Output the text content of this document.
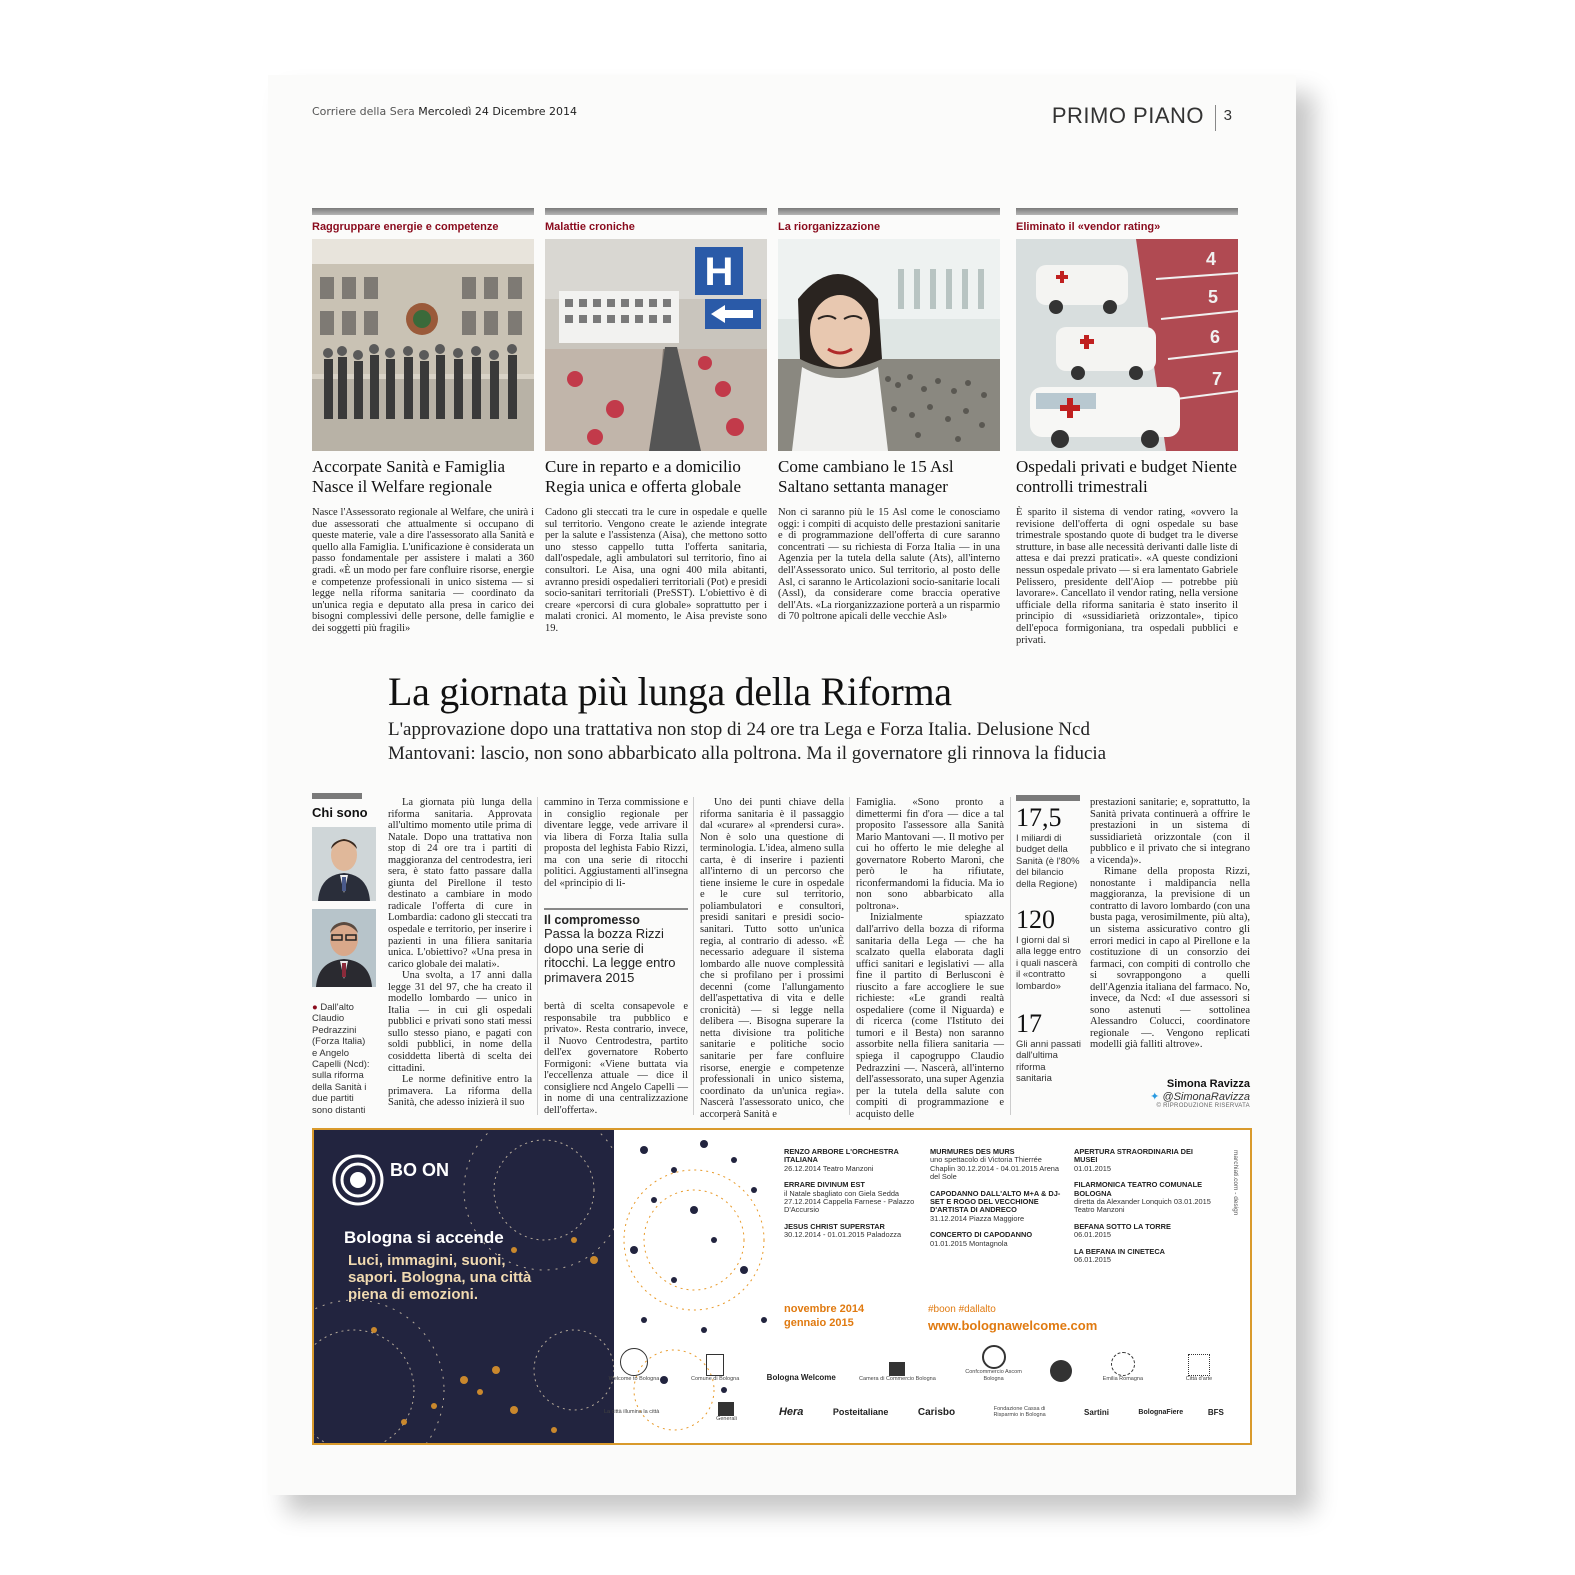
Corriere della Sera Mercoledì 24 Dicembre 2014	PRIMO PIANO 3
Raggruppare energie e competenze
Accorpate Sanità e Famiglia Nasce il Welfare regionale
Nasce l'Assessorato regionale al Welfare, che unirà i due assessorati che attualmente si occupano di queste materie, vale a dire l'assessorato alla Sanità e quello alla Famiglia. L'unificazione è considerata un passo fondamentale per assistere i malati a 360 gradi. «È un modo per fare confluire risorse, energie e competenze professionali in unico sistema — si legge nella riforma sanitaria — coordinato da un'unica regia e deputato alla presa in carico dei bisogni complessivi delle persone, delle famiglie e dei soggetti più fragili»
Malattie croniche
H
Cure in reparto e a domicilio Regia unica e offerta globale
Cadono gli steccati tra le cure in ospedale e quelle sul territorio. Vengono create le aziende integrate per la salute e l'assistenza (Aisa), che mettono sotto uno stesso cappello tutta l'offerta sanitaria, dall'ospedale, agli ambulatori sul territorio, fino ai consultori. Le Aisa, una ogni 400 mila abitanti, avranno presidi ospedalieri territoriali (Pot) e presidi socio-sanitari territoriali (PreSST). L'obiettivo è di creare «percorsi di cura globale» soprattutto per i malati cronici. Al momento, le Aisa previste sono 19.
La riorganizzazione
Come cambiano le 15 Asl Saltano settanta manager
Non ci saranno più le 15 Asl come le conosciamo oggi: i compiti di acquisto delle prestazioni sanitarie e di programmazione dell'offerta di cure saranno concentrati — su richiesta di Forza Italia — in una Agenzia per la tutela della salute (Ats), all'interno dell'Assessorato unico. Sul territorio, al posto delle Asl, ci saranno le Articolazioni socio-sanitarie locali (Assl), da considerare come braccia operative dell'Ats. «La riorganizzazione porterà a un risparmio di 70 poltrone apicali delle vecchie Asl»
Eliminato il «vendor rating»
4
5
6
7
Ospedali privati e budget Niente controlli trimestrali
È sparito il sistema di vendor rating, «ovvero la revisione dell'offerta di ogni ospedale su base trimestrale spostando quote di budget tra le diverse strutture, in base alle necessità derivanti dalle liste di attesa e dai prezzi praticati». «A queste condizioni nessun ospedale privato — si era lamentato Gabriele Pelissero, presidente dell'Aiop — potrebbe più lavorare». Cancellato il vendor rating, nella versione ufficiale della riforma sanitaria è stato inserito il principio di «sussidiarietà orizzontale», tipico dell'epoca formigoniana, tra ospedali pubblici e privati.
La giornata più lunga della Riforma
L'approvazione dopo una trattativa non stop di 24 ore tra Lega e Forza Italia. Delusione Ncd Mantovani: lascio, non sono abbarbicato alla poltrona. Ma il governatore gli rinnova la fiducia
Chi sono
● Dall'alto Claudio Pedrazzini (Forza Italia) e Angelo Capelli (Ncd): sulla riforma della Sanità i due partiti sono distanti
La giornata più lunga della riforma sanitaria. Approvata all'ultimo momento utile prima di Natale. Dopo una trattativa non stop di 24 ore tra i partiti di maggioranza del centrodestra, ieri sera, è stato fatto passare dalla giunta del Pirellone il testo destinato a cambiare in modo radicale l'offerta di cure in Lombardia: cadono gli steccati tra ospedale e territorio, per inserire i pazienti in una filiera sanitaria unica. L'obiettivo? «Una presa in carico globale dei malati».
Una svolta, a 17 anni dalla legge 31 del 97, che ha creato il modello lombardo — unico in Italia — in cui gli ospedali pubblici e privati sono stati messi sullo stesso piano, e pagati con soldi pubblici, in nome della cosiddetta libertà di scelta dei cittadini.
Le norme definitive entro la primavera. La riforma della Sanità, che adesso inizierà il suo
cammino in Terza commissione e in consiglio regionale per diventare legge, vede arrivare il via libera di Forza Italia sulla proposta del leghista Fabio Rizzi, ma con una serie di ritocchi politici. Aggiustamenti all'insegna del «principio di li-
Il compromesso
Passa la bozza Rizzi dopo una serie di ritocchi. La legge entro primavera 2015
bertà di scelta consapevole e responsabile tra pubblico e privato». Resta contrario, invece, il Nuovo Centrodestra, partito dell'ex governatore Roberto Formigoni: «Viene buttata via l'eccellenza attuale — dice il consigliere ncd Angelo Capelli — in nome di una centralizzazione dell'offerta».
Uno dei punti chiave della riforma sanitaria è il passaggio dal «curare» al «prendersi cura». Non è solo una questione di terminologia. L'idea, almeno sulla carta, è di inserire i pazienti all'interno di un percorso che tiene insieme le cure in ospedale e le cure sul territorio, poliambulatori e consultori, presidi sanitari e presidi socio-sanitari. Tutto sotto un'unica regia, al contrario di adesso. «È necessario adeguare il sistema lombardo alle nuove complessità che si profilano per i prossimi decenni (come l'allungamento dell'aspettativa di vita e delle cronicità) — si legge nella delibera —. Bisogna superare la netta divisione tra politiche sanitarie e politiche socio sanitarie per fare confluire risorse, energie e competenze professionali in unico sistema, coordinato da un'unica regia». Nascerà l'assessorato unico, che accorperà Sanità e
Famiglia. «Sono pronto a dimettermi fin d'ora — dice a tal proposito l'assessore alla Sanità Mario Mantovani —. Il motivo per cui ho offerto le mie deleghe al governatore Roberto Maroni, che però le ha rifiutate, riconfermandomi la fiducia. Ma io non sono abbarbicato alla poltrona».
Inizialmente spiazzato dall'arrivo della bozza di riforma sanitaria della Lega — che ha scalzato quella elaborata dagli uffici sanitari e legislativi — alla fine il partito di Berlusconi è riuscito a fare accogliere le sue richieste: «Le grandi realtà ospedaliere (come il Niguarda) e di ricerca (come l'Istituto dei tumori e il Besta) non saranno assorbite nella filiera sanitaria — spiega il capogruppo Claudio Pedrazzini —. Nascerà, all'interno dell'assessorato, una super Agenzia per la tutela della salute con compiti di programmazione e acquisto delle
17,5
I miliardi di budget della Sanità (è l'80% del bilancio della Regione)
120
I giorni dal sì alla legge entro i quali nascerà il «contratto lombardo»
17
Gli anni passati dall'ultima riforma sanitaria
prestazioni sanitarie; e, soprattutto, la Sanità privata continuerà a offrire le prestazioni in un sistema di sussidiarietà orizzontale (con il pubblico e il privato che si integrano a vicenda)».
Rimane della proposta Rizzi, nonostante i maldipancia nella maggioranza, la previsione di un contratto di lavoro lombardo (con una busta paga, verosimilmente, più alta), un sistema assicurativo contro gli errori medici in capo al Pirellone e la costituzione di un consorzio dei farmaci, con compiti di controllo che si sovrappongono a quelli dell'Agenzia italiana del farmaco. No, invece, da Ncd: «I due assessori si sono astenuti — sottolinea Alessandro Colucci, coordinatore regionale —. Vengono replicati modelli già falliti altrove».
Simona Ravizza
✦ @SimonaRavizza
© RIPRODUZIONE RISERVATA
BO ON
Bologna si accende
Luci, immagini, suoni, sapori. Bologna, una città piena di emozioni.
RENZO ARBORE L'ORCHESTRA ITALIANA
26.12.2014 Teatro Manzoni
ERRARE DIVINUM EST
il Natale sbagliato con Giela Sedda 27.12.2014 Cappella Farnese - Palazzo D'Accursio
JESUS CHRIST SUPERSTAR
30.12.2014 - 01.01.2015 Paladozza
MURMURES DES MURS
uno spettacolo di Victoria Thierrée Chaplin 30.12.2014 - 04.01.2015 Arena del Sole
CAPODANNO DALL'ALTO M+A & DJ-SET E ROGO DEL VECCHIONE D'ARTISTA DI ANDRECO
31.12.2014 Piazza Maggiore
CONCERTO DI CAPODANNO
01.01.2015 Montagnola
APERTURA STRAORDINARIA DEI MUSEI
01.01.2015
FILARMONICA TEATRO COMUNALE BOLOGNA
diretta da Alexander Lonquich 03.01.2015 Teatro Manzoni
BEFANA SOTTO LA TORRE
06.01.2015
LA BEFANA IN CINETECA
06.01.2015
marchiati.com - design
novembre 2014 gennaio 2015
#boon #dallalto
www.bolognawelcome.com
Welcome to Bologna	Comune di Bologna	Bologna Welcome	Camera di Commercio Bologna
Confcommercio Ascom Bologna	Emilia Romagna	Città d'arte
La città illumina la città
Generali
Hera	Posteitaliane	Carisbo	Fondazione Cassa di Risparmio in Bologna	Sartini	BolognaFiere	BFS
